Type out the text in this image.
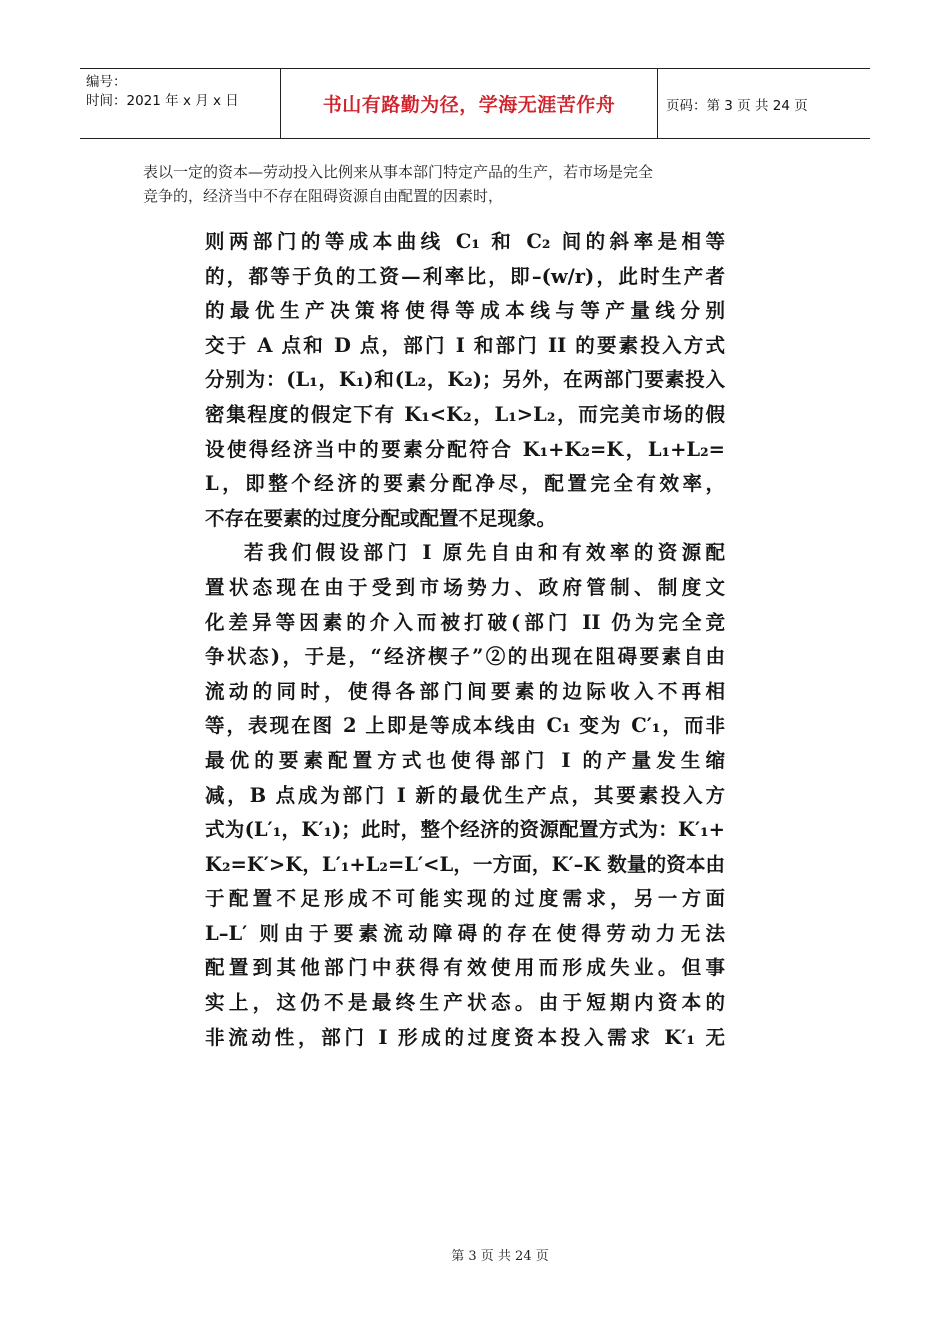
编号：
时间：2021 年 x 月 x 日	书山有路勤为径，学海无涯苦作舟	页码：第 3 页 共 24 页
表以一定的资本—劳动投入比例来从事本部门特定产品的生产，若市场是完全
竞争的，经济当中不存在阻碍资源自由配置的因素时，
则两部门的等成本曲线 C₁ 和 C₂ 间的斜率是相等
的，都等于负的工资—利率比，即–(w/r)，此时生产者
的最优生产决策将使得等成本线与等产量线分别
交于 A 点和 D 点，部门 I 和部门 II 的要素投入方式
分别为：(L₁，K₁)和(L₂，K₂)；另外，在两部门要素投入
密集程度的假定下有 K₁<K₂，L₁>L₂，而完美市场的假
设使得经济当中的要素分配符合 K₁+K₂=K，L₁+L₂=
L，即整个经济的要素分配净尽，配置完全有效率，
不存在要素的过度分配或配置不足现象。
若我们假设部门 I 原先自由和有效率的资源配
置状态现在由于受到市场势力、政府管制、制度文
化差异等因素的介入而被打破(部门 II 仍为完全竞
争状态)，于是，“经济楔子”②的出现在阻碍要素自由
流动的同时，使得各部门间要素的边际收入不再相
等，表现在图 2 上即是等成本线由 C₁ 变为 C′₁，而非
最优的要素配置方式也使得部门 I 的产量发生缩
减，B 点成为部门 I 新的最优生产点，其要素投入方
式为(L′₁，K′₁)；此时，整个经济的资源配置方式为：K′₁+
K₂=K′>K，L′₁+L₂=L′<L，一方面，K′–K 数量的资本由
于配置不足形成不可能实现的过度需求，另一方面
L–L′ 则由于要素流动障碍的存在使得劳动力无法
配置到其他部门中获得有效使用而形成失业。但事
实上，这仍不是最终生产状态。由于短期内资本的
非流动性，部门 I 形成的过度资本投入需求 K′₁ 无
第 3 页 共 24 页
